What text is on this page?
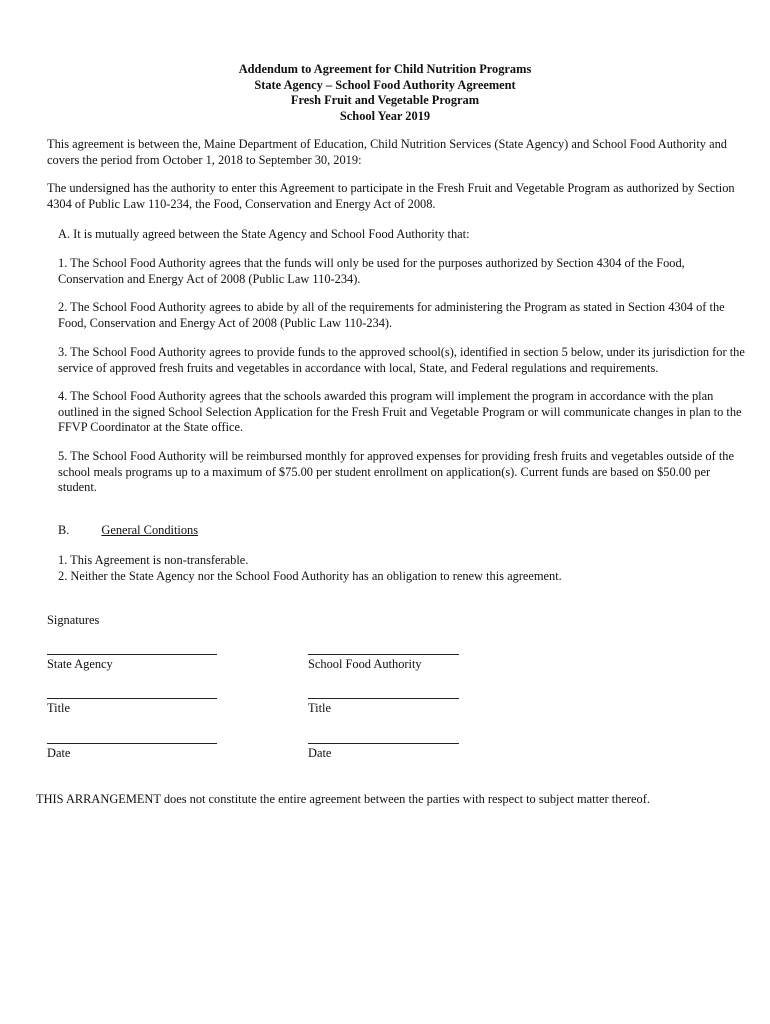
Addendum to Agreement for Child Nutrition Programs
State Agency – School Food Authority Agreement
Fresh Fruit and Vegetable Program
School Year 2019

This agreement is between the, Maine Department of Education, Child Nutrition Services (State Agency) and School Food Authority and covers the period from October 1, 2018 to September 30, 2019:

The undersigned has the authority to enter this Agreement to participate in the Fresh Fruit and Vegetable Program as authorized by Section 4304 of Public Law 110-234, the Food, Conservation and Energy Act of 2008.

A. It is mutually agreed between the State Agency and School Food Authority that:

1. The School Food Authority agrees that the funds will only be used for the purposes authorized by Section 4304 of the Food, Conservation and Energy Act of 2008 (Public Law 110-234).

2. The School Food Authority agrees to abide by all of the requirements for administering the Program as stated in Section 4304 of the Food, Conservation and Energy Act of 2008 (Public Law 110-234).

3. The School Food Authority agrees to provide funds to the approved school(s), identified in section 5 below, under its jurisdiction for the service of approved fresh fruits and vegetables in accordance with local, State, and Federal regulations and requirements.

4. The School Food Authority agrees that the schools awarded this program will implement the program in accordance with the plan outlined in the signed School Selection Application for the Fresh Fruit and Vegetable Program or will communicate changes in plan to the FFVP Coordinator at the State office.

5. The School Food Authority will be reimbursed monthly for approved expenses for providing fresh fruits and vegetables outside of the school meals programs up to a maximum of $75.00 per student enrollment on application(s). Current funds are based on $50.00 per student.

B.	General Conditions

1. This Agreement is non-transferable.
2. Neither the State Agency nor the School Food Authority has an obligation to renew this agreement.

Signatures

State Agency
Title
Date
School Food Authority
Title
Date

THIS ARRANGEMENT does not constitute the entire agreement between the parties with respect to subject matter thereof.
